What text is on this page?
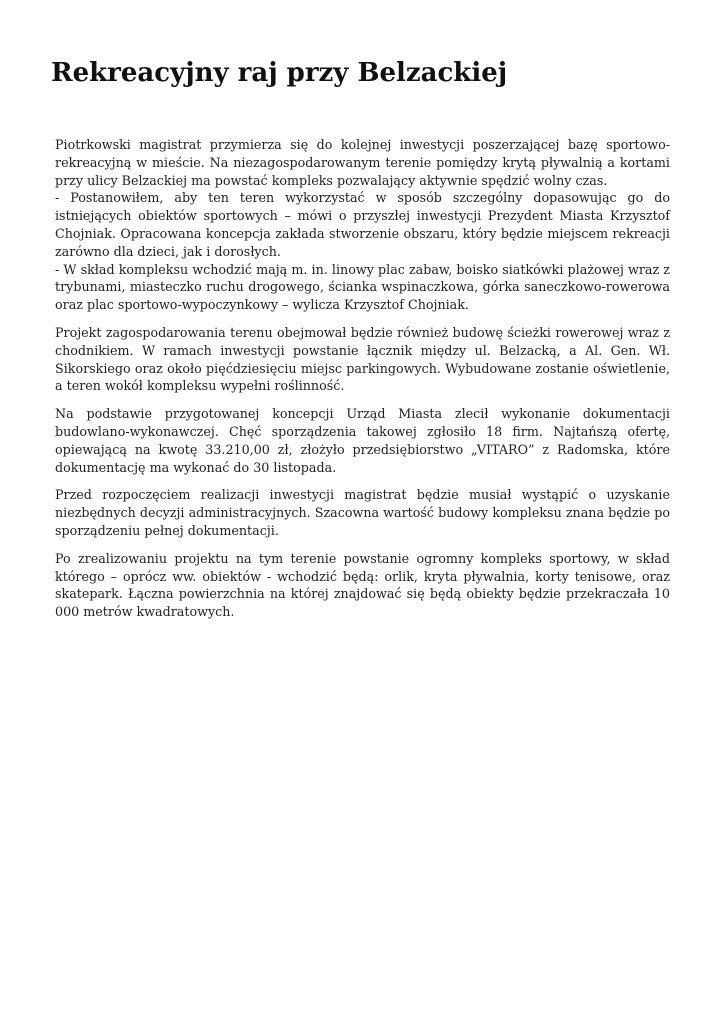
Rekreacyjny raj przy Belzackiej

Piotrkowski magistrat przymierza się do kolejnej inwestycji poszerzającej bazę sportowo-rekreacyjną w mieście. Na niezagospodarowanym terenie pomiędzy krytą pływalnią a kortami przy ulicy Belzackiej ma powstać kompleks pozwalający aktywnie spędzić wolny czas.
- Postanowiłem, aby ten teren wykorzystać w sposób szczególny dopasowując go do istniejących obiektów sportowych – mówi o przyszłej inwestycji Prezydent Miasta Krzysztof Chojniak. Opracowana koncepcja zakłada stworzenie obszaru, który będzie miejscem rekreacji zarówno dla dzieci, jak i dorosłych.
- W skład kompleksu wchodzić mają m. in. linowy plac zabaw, boisko siatkówki plażowej wraz z trybunami, miasteczko ruchu drogowego, ścianka wspinaczkowa, górka saneczkowo-rowerowa oraz plac sportowo-wypoczynkowy – wylicza Krzysztof Chojniak.

Projekt zagospodarowania terenu obejmował będzie również budowę ścieżki rowerowej wraz z chodnikiem. W ramach inwestycji powstanie łącznik między ul. Belzacką, a Al. Gen. Wł. Sikorskiego oraz około pięćdziesięciu miejsc parkingowych. Wybudowane zostanie oświetlenie, a teren wokół kompleksu wypełni roślinność.

Na podstawie przygotowanej koncepcji Urząd Miasta zlecił wykonanie dokumentacji budowlano-wykonawczej. Chęć sporządzenia takowej zgłosiło 18 firm. Najtańszą ofertę, opiewającą na kwotę 33.210,00 zł, złożyło przedsiębiorstwo „VITARO” z Radomska, które dokumentację ma wykonać do 30 listopada.

Przed rozpoczęciem realizacji inwestycji magistrat będzie musiał wystąpić o uzyskanie niezbędnych decyzji administracyjnych. Szacowna wartość budowy kompleksu znana będzie po sporządzeniu pełnej dokumentacji.

Po zrealizowaniu projektu na tym terenie powstanie ogromny kompleks sportowy, w skład którego – oprócz ww. obiektów - wchodzić będą: orlik, kryta pływalnia, korty tenisowe, oraz skatepark. Łączna powierzchnia na której znajdować się będą obiekty będzie przekraczała 10 000 metrów kwadratowych.
